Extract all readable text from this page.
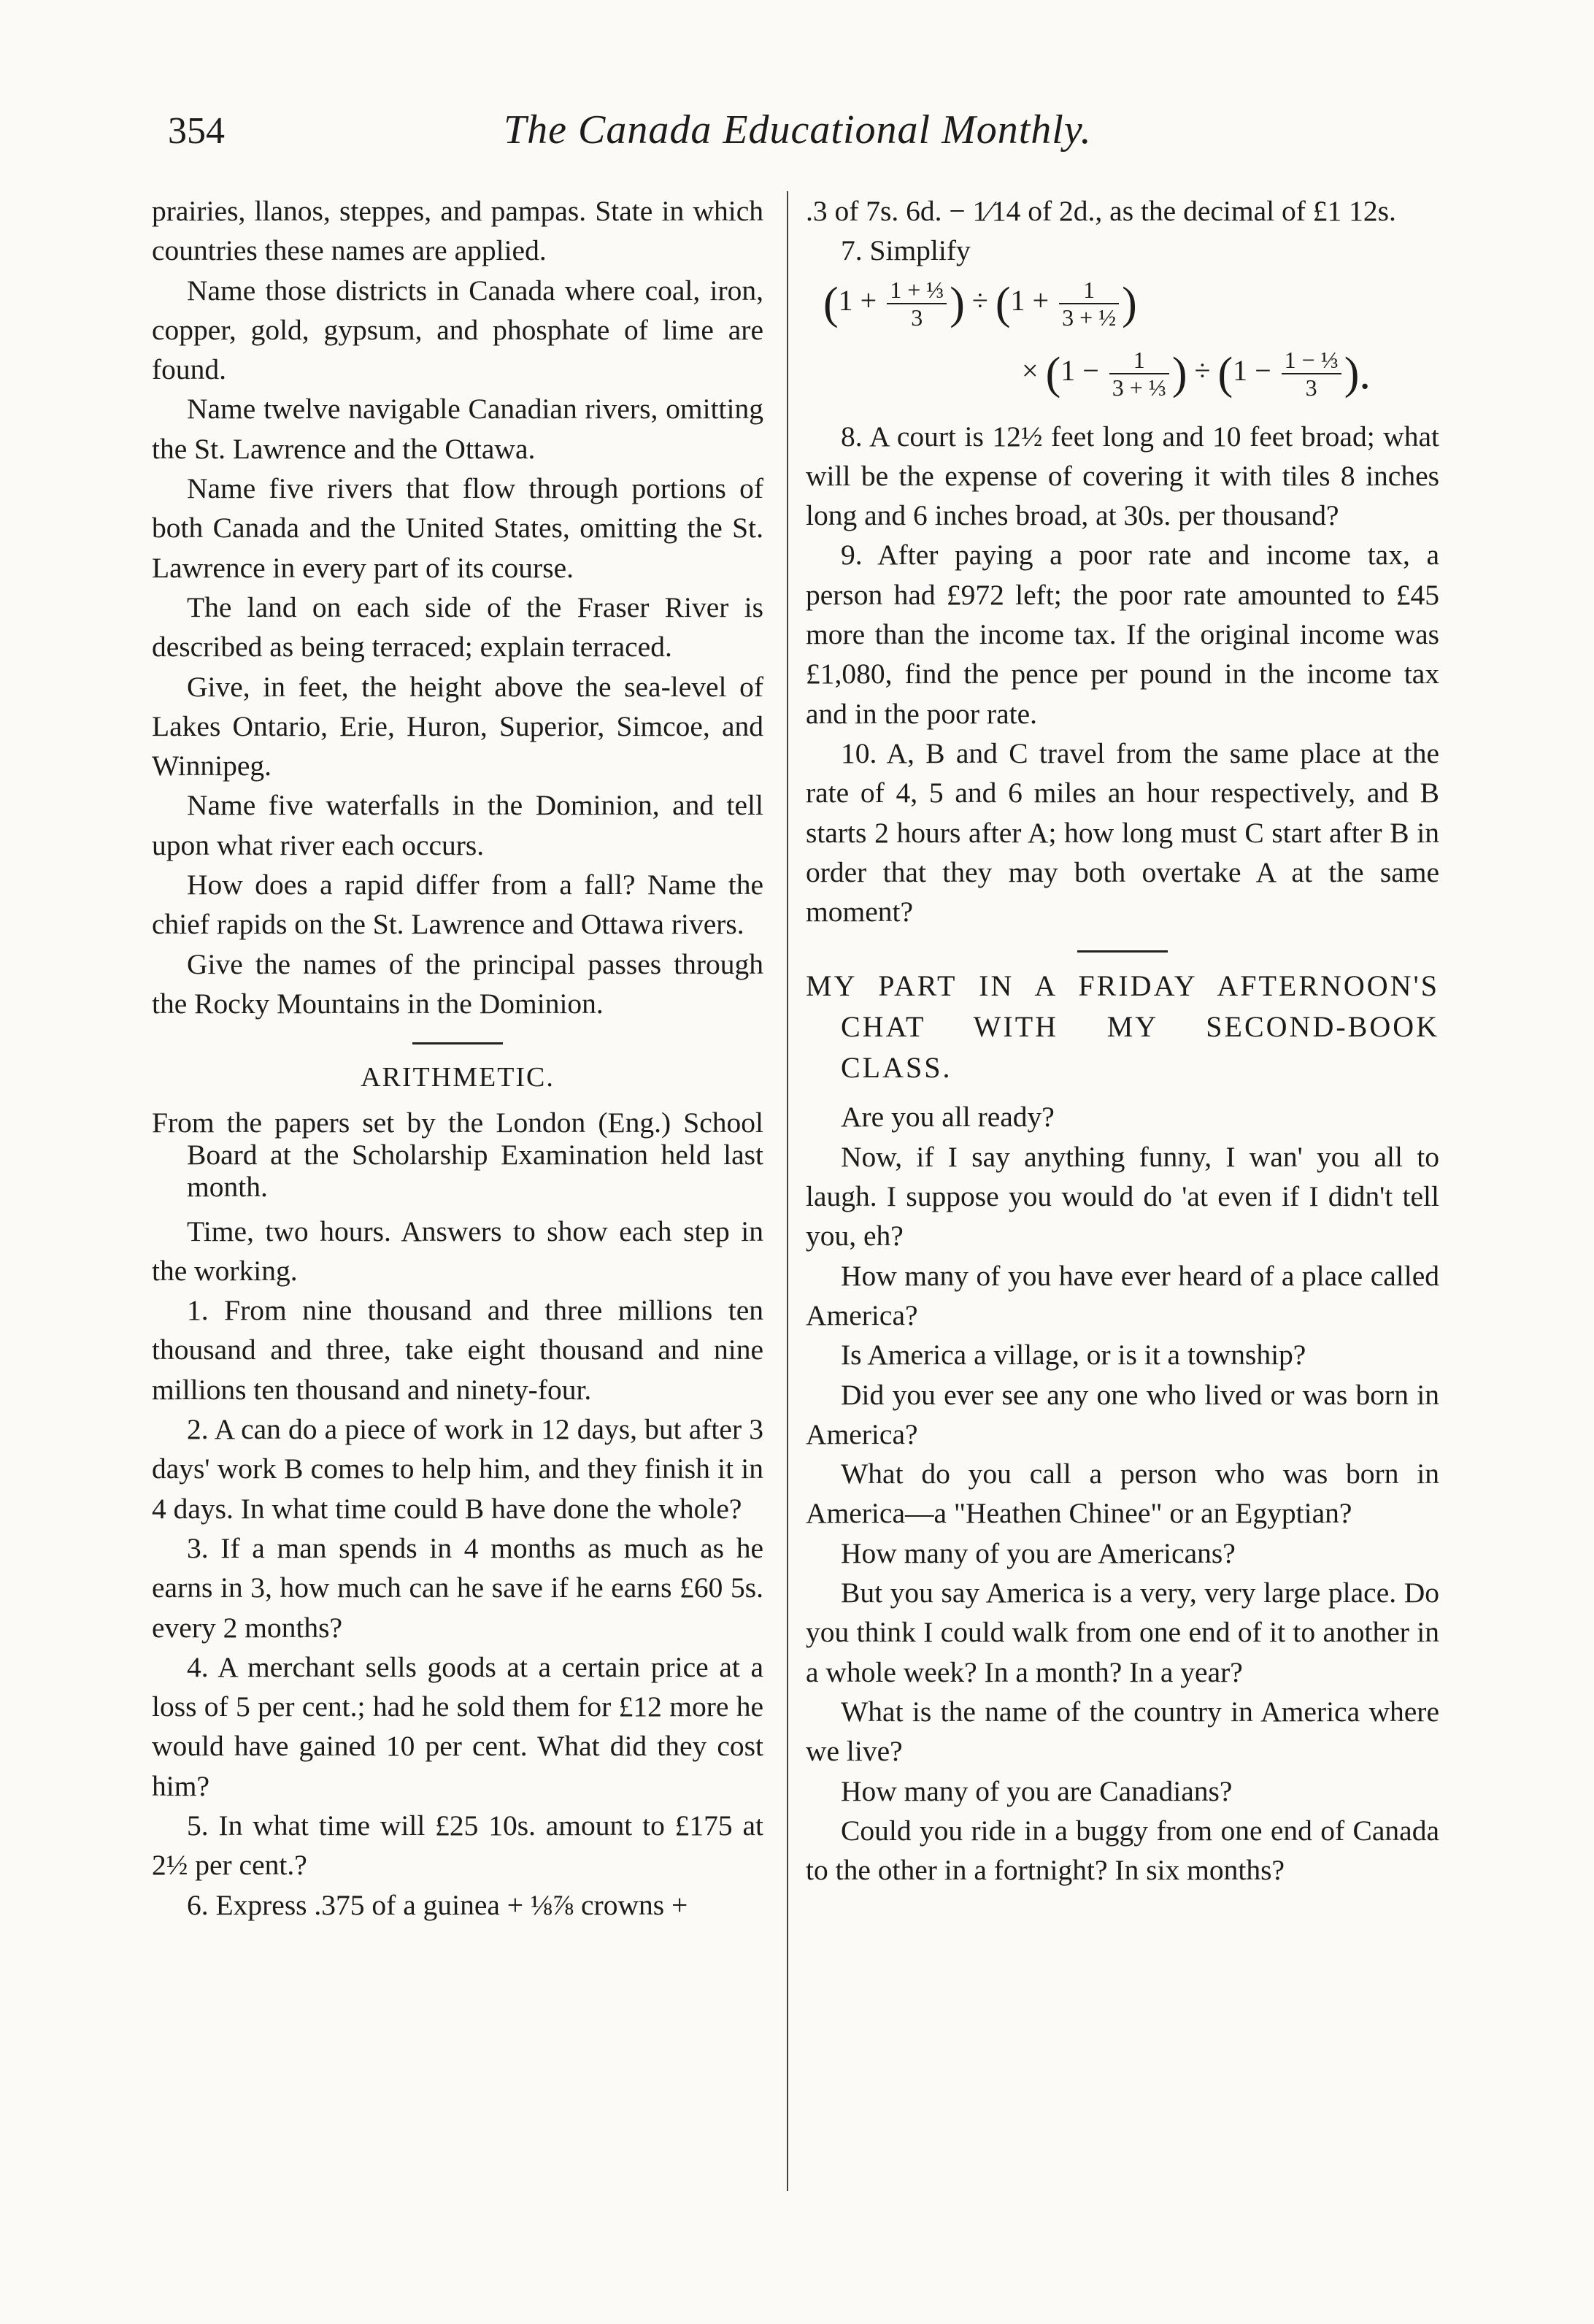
354	The Canada Educational Monthly.

prairies, llanos, steppes, and pampas. State in which countries these names are applied.

Name those districts in Canada where coal, iron, copper, gold, gypsum, and phosphate of lime are found.

Name twelve navigable Canadian rivers, omitting the St. Lawrence and the Ottawa.

Name five rivers that flow through portions of both Canada and the United States, omitting the St. Lawrence in every part of its course.

The land on each side of the Fraser River is described as being terraced; explain terraced.

Give, in feet, the height above the sea-level of Lakes Ontario, Erie, Huron, Superior, Simcoe, and Winnipeg.

Name five waterfalls in the Dominion, and tell upon what river each occurs.

How does a rapid differ from a fall? Name the chief rapids on the St. Lawrence and Ottawa rivers.

Give the names of the principal passes through the Rocky Mountains in the Dominion.

ARITHMETIC.

From the papers set by the London (Eng.) School Board at the Scholarship Examination held last month.

Time, two hours. Answers to show each step in the working.

1. From nine thousand and three millions ten thousand and three, take eight thousand and nine millions ten thousand and ninety-four.

2. A can do a piece of work in 12 days, but after 3 days' work B comes to help him, and they finish it in 4 days. In what time could B have done the whole?

3. If a man spends in 4 months as much as he earns in 3, how much can he save if he earns £60 5s. every 2 months?

4. A merchant sells goods at a certain price at a loss of 5 per cent.; had he sold them for £12 more he would have gained 10 per cent. What did they cost him?

5. In what time will £25 10s. amount to £175 at 2½ per cent.?

6. Express .375 of a guinea + ⅛⅞ crowns +

.3 of 7s. 6d. − 1⁄14 of 2d., as the decimal of £1 12s.

7. Simplify

($1 + \frac{\text{1 + ⅓}}{3}$ ) ÷ ($1 + \frac{1}{\text{3 + ½}}$ )
× ($1 - \frac{1}{\text{3 + ⅓}}$ ) ÷ ($1 - \frac{\text{1 − ⅓}}{3}$ ).

8. A court is 12½ feet long and 10 feet broad; what will be the expense of covering it with tiles 8 inches long and 6 inches broad, at 30s. per thousand?

9. After paying a poor rate and income tax, a person had £972 left; the poor rate amounted to £45 more than the income tax. If the original income was £1,080, find the pence per pound in the income tax and in the poor rate.

10. A, B and C travel from the same place at the rate of 4, 5 and 6 miles an hour respectively, and B starts 2 hours after A; how long must C start after B in order that they may both overtake A at the same moment?

MY PART IN A FRIDAY AFTERNOON'S CHAT WITH MY SECOND-BOOK CLASS.

Are you all ready?

Now, if I say anything funny, I wan' you all to laugh. I suppose you would do 'at even if I didn't tell you, eh?

How many of you have ever heard of a place called America?

Is America a village, or is it a township?

Did you ever see any one who lived or was born in America?

What do you call a person who was born in America—a "Heathen Chinee" or an Egyptian?

How many of you are Americans?

But you say America is a very, very large place. Do you think I could walk from one end of it to another in a whole week? In a month? In a year?

What is the name of the country in America where we live?

How many of you are Canadians?

Could you ride in a buggy from one end of Canada to the other in a fortnight? In six months?
